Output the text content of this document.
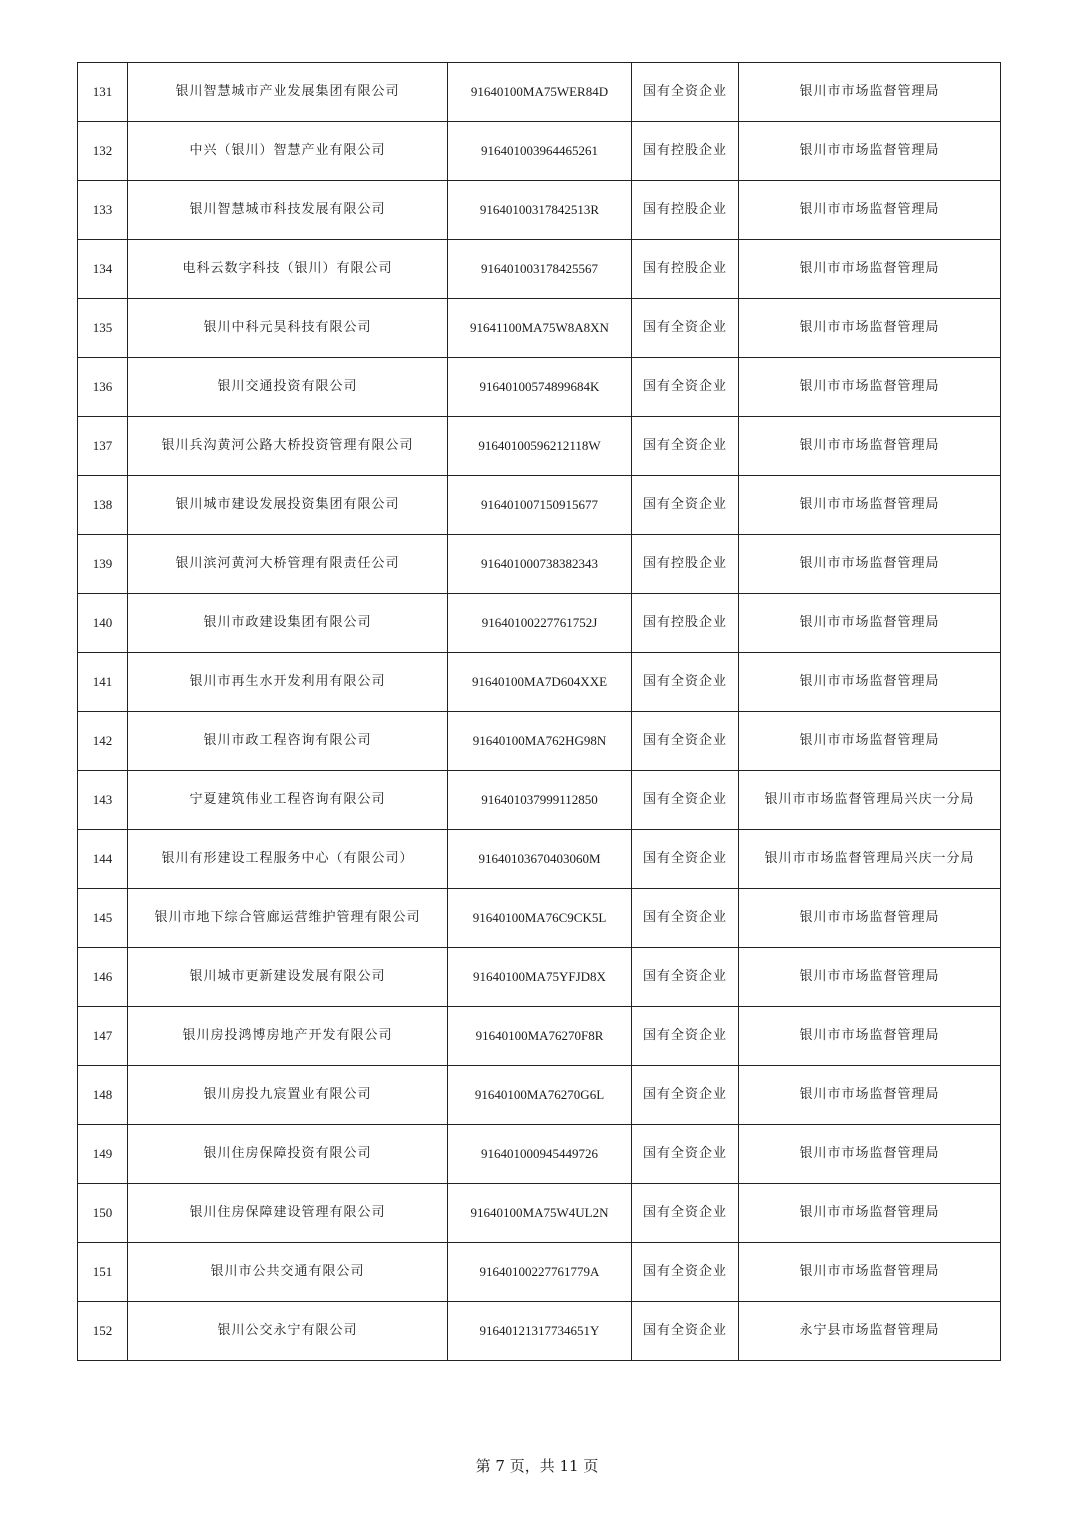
131	银川智慧城市产业发展集团有限公司	91640100MA75WER84D	国有全资企业	银川市市场监督管理局
132	中兴（银川）智慧产业有限公司	916401003964465261	国有控股企业	银川市市场监督管理局
133	银川智慧城市科技发展有限公司	91640100317842513R	国有控股企业	银川市市场监督管理局
134	电科云数字科技（银川）有限公司	916401003178425567	国有控股企业	银川市市场监督管理局
135	银川中科元昊科技有限公司	91641100MA75W8A8XN	国有全资企业	银川市市场监督管理局
136	银川交通投资有限公司	91640100574899684K	国有全资企业	银川市市场监督管理局
137	银川兵沟黄河公路大桥投资管理有限公司	91640100596212118W	国有全资企业	银川市市场监督管理局
138	银川城市建设发展投资集团有限公司	916401007150915677	国有全资企业	银川市市场监督管理局
139	银川滨河黄河大桥管理有限责任公司	916401000738382343	国有控股企业	银川市市场监督管理局
140	银川市政建设集团有限公司	91640100227761752J	国有控股企业	银川市市场监督管理局
141	银川市再生水开发利用有限公司	91640100MA7D604XXE	国有全资企业	银川市市场监督管理局
142	银川市政工程咨询有限公司	91640100MA762HG98N	国有全资企业	银川市市场监督管理局
143	宁夏建筑伟业工程咨询有限公司	916401037999112850	国有全资企业	银川市市场监督管理局兴庆一分局
144	银川有形建设工程服务中心（有限公司）	91640103670403060M	国有全资企业	银川市市场监督管理局兴庆一分局
145	银川市地下综合管廊运营维护管理有限公司	91640100MA76C9CK5L	国有全资企业	银川市市场监督管理局
146	银川城市更新建设发展有限公司	91640100MA75YFJD8X	国有全资企业	银川市市场监督管理局
147	银川房投鸿博房地产开发有限公司	91640100MA76270F8R	国有全资企业	银川市市场监督管理局
148	银川房投九宸置业有限公司	91640100MA76270G6L	国有全资企业	银川市市场监督管理局
149	银川住房保障投资有限公司	916401000945449726	国有全资企业	银川市市场监督管理局
150	银川住房保障建设管理有限公司	91640100MA75W4UL2N	国有全资企业	银川市市场监督管理局
151	银川市公共交通有限公司	91640100227761779A	国有全资企业	银川市市场监督管理局
152	银川公交永宁有限公司	91640121317734651Y	国有全资企业	永宁县市场监督管理局
第 7 页，共 11 页
